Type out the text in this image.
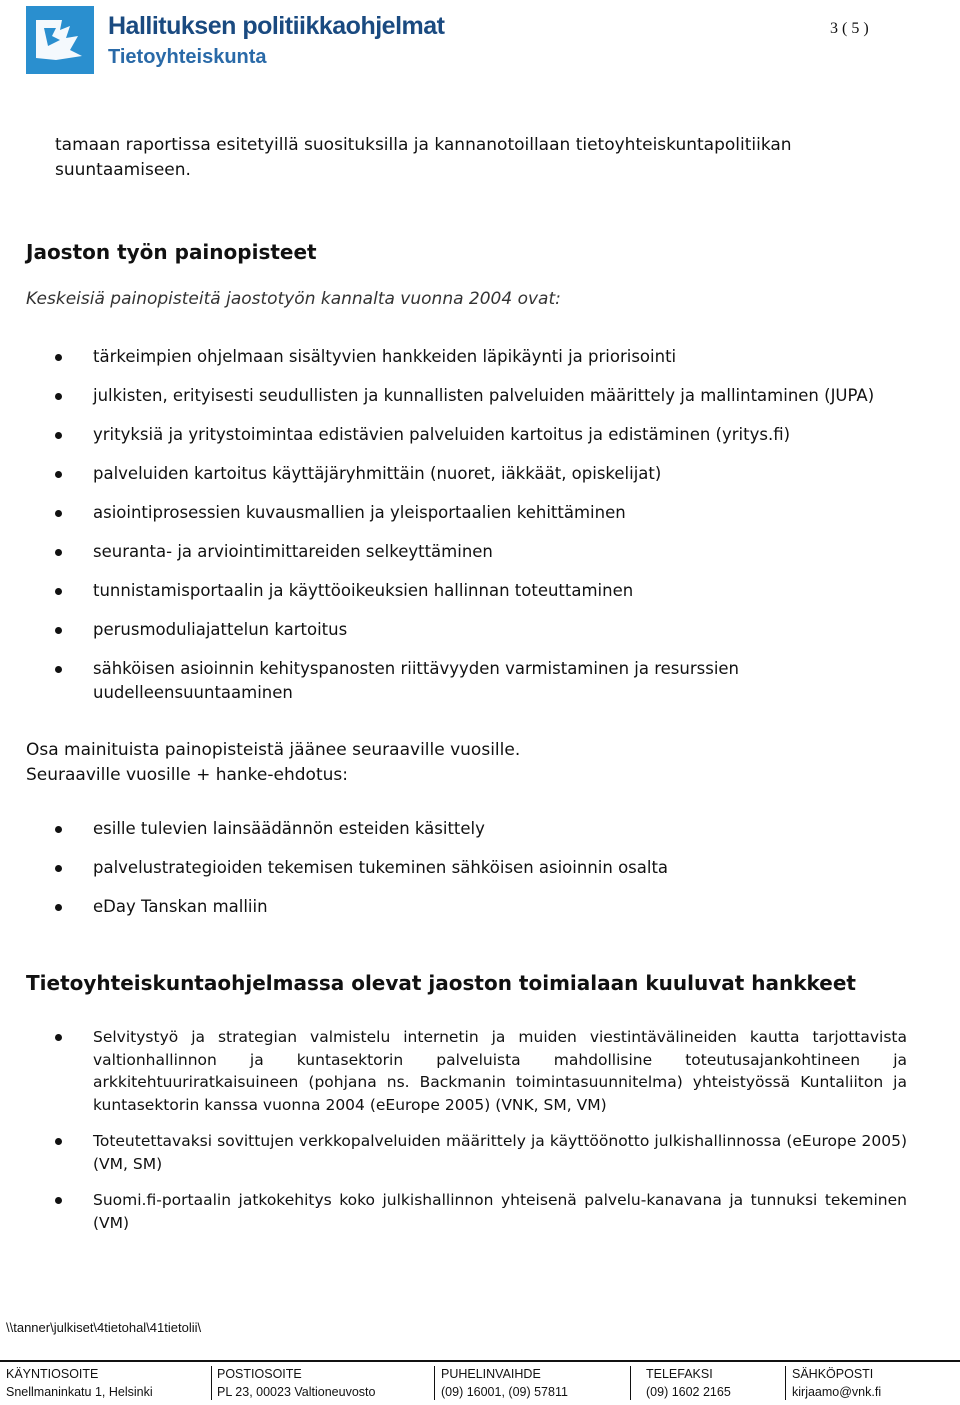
Hallituksen politiikkaohjelmat
Tietoyhteiskunta
3 ( 5 )
tamaan raportissa esitetyillä suosituksilla ja kannanotoillaan tietoyhteiskuntapolitiikan suuntaamiseen.
Jaoston työn painopisteet
Keskeisiä painopisteitä jaostotyön kannalta vuonna 2004 ovat:
tärkeimpien ohjelmaan sisältyvien hankkeiden läpikäynti ja priorisointi
julkisten, erityisesti seudullisten ja kunnallisten palveluiden määrittely ja mallintaminen (JUPA)
yrityksiä ja yritystoimintaa edistävien palveluiden kartoitus ja edistäminen (yritys.fi)
palveluiden kartoitus käyttäjäryhmittäin (nuoret, iäkkäät, opiskelijat)
asiointiprosessien kuvausmallien ja yleisportaalien kehittäminen
seuranta- ja arviointimittareiden selkeyttäminen
tunnistamisportaalin ja käyttöoikeuksien hallinnan toteuttaminen
perusmoduliajattelun kartoitus
sähköisen asioinnin kehityspanosten riittävyyden varmistaminen ja resurssien uudelleensuuntaaminen
Osa mainituista painopisteistä jäänee seuraaville vuosille.
Seuraaville vuosille + hanke-ehdotus:
esille tulevien lainsäädännön esteiden käsittely
palvelustrategioiden tekemisen tukeminen sähköisen asioinnin osalta
eDay Tanskan malliin
Tietoyhteiskuntaohjelmassa olevat jaoston toimialaan kuuluvat hankkeet
Selvitystyö ja strategian valmistelu internetin ja muiden viestintävälineiden kautta tarjottavista valtionhallinnon ja kuntasektorin palveluista mahdollisine toteutusajankohtineen ja arkkitehtuuriratkaisuineen (pohjana ns. Backmanin toimintasuunnitelma) yhteistyössä Kuntaliiton ja kuntasektorin kanssa vuonna 2004 (eEurope 2005) (VNK, SM, VM)
Toteutettavaksi sovittujen verkkopalveluiden määrittely ja käyttöönotto julkishallinnossa (eEurope 2005) (VM, SM)
Suomi.fi-portaalin jatkokehitys koko julkishallinnon yhteisenä palvelu-kanavana ja tunnuksi tekeminen (VM)
\\tanner\julkiset\4tietohal\41tietolii\
KÄYNTIOSOITE
Snellmaninkatu 1, Helsinki
POSTIOSOITE
PL 23, 00023 Valtioneuvosto
PUHELINVAIHDE
(09) 16001, (09) 57811
TELEFAKSI
(09) 1602 2165
SÄHKÖPOSTI
kirjaamo@vnk.fi
